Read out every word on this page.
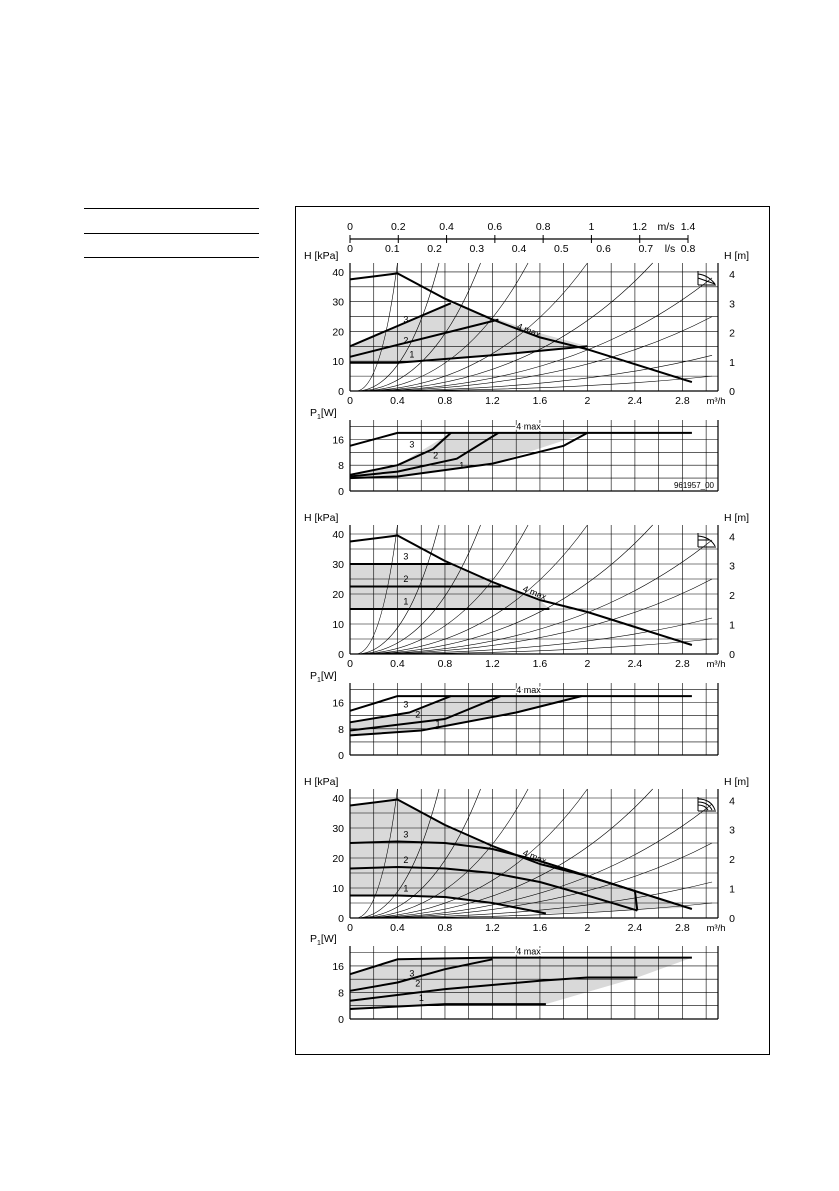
0	0.2	0.4	0.6	0.8	1	1.2	1.4
m/s
0	0.1	0.2	0.3	0.4	0.5	0.6	0.7	0.8
l/s
3
2
1
4 max
0
10
20
30
40
0
1
2
3
4
H [kPa]	H [m]
0	0.4	0.8	1.2	1.6	2	2.4	2.8 m³/h
3
2
1
4 max
0
8
16
$P_1[W]$
961957_00
3
2
1	4 max
0
10
20
30
40
0
1
2
3
4
H [kPa]	H [m]
0	0.4	0.8	1.2	1.6	2	2.4	2.8 m³/h
3
2
1
4 max
0
8
16
$P_1[W]$
3
2
1
4 max
0
10
20
30
40
0
1
2
3
4
H [kPa]	H [m]
0	0.4	0.8	1.2	1.6	2	2.4	2.8 m³/h
3
2
1
4 max
0
8
16
$P_1[W]$
